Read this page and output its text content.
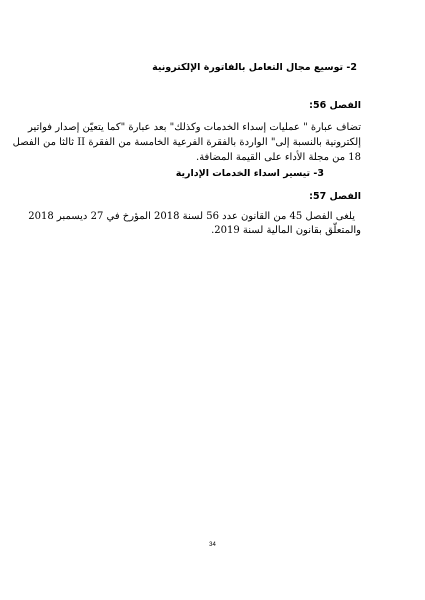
2- توسيع مجال التعامل بالفاتورة الإلكترونية
الفصل 56:
تضاف عبارة " عمليات إسداء الخدمات وكذلك" بعد عبارة "كما يتعيّن إصدار فواتير
إلكترونية بالنسبة إلى" الواردة بالفقرة الفرعية الخامسة من الفقرة II ثالثا من الفصل
18 من مجلة الأداء على القيمة المضافة.
3- تيسير اسداء الخدمات الإدارية
الفصل 57:
يلغى الفصل 45 من القانون عدد 56 لسنة 2018 المؤرخ في 27 ديسمبر 2018
والمتعلّق بقانون المالية لسنة 2019.
34
